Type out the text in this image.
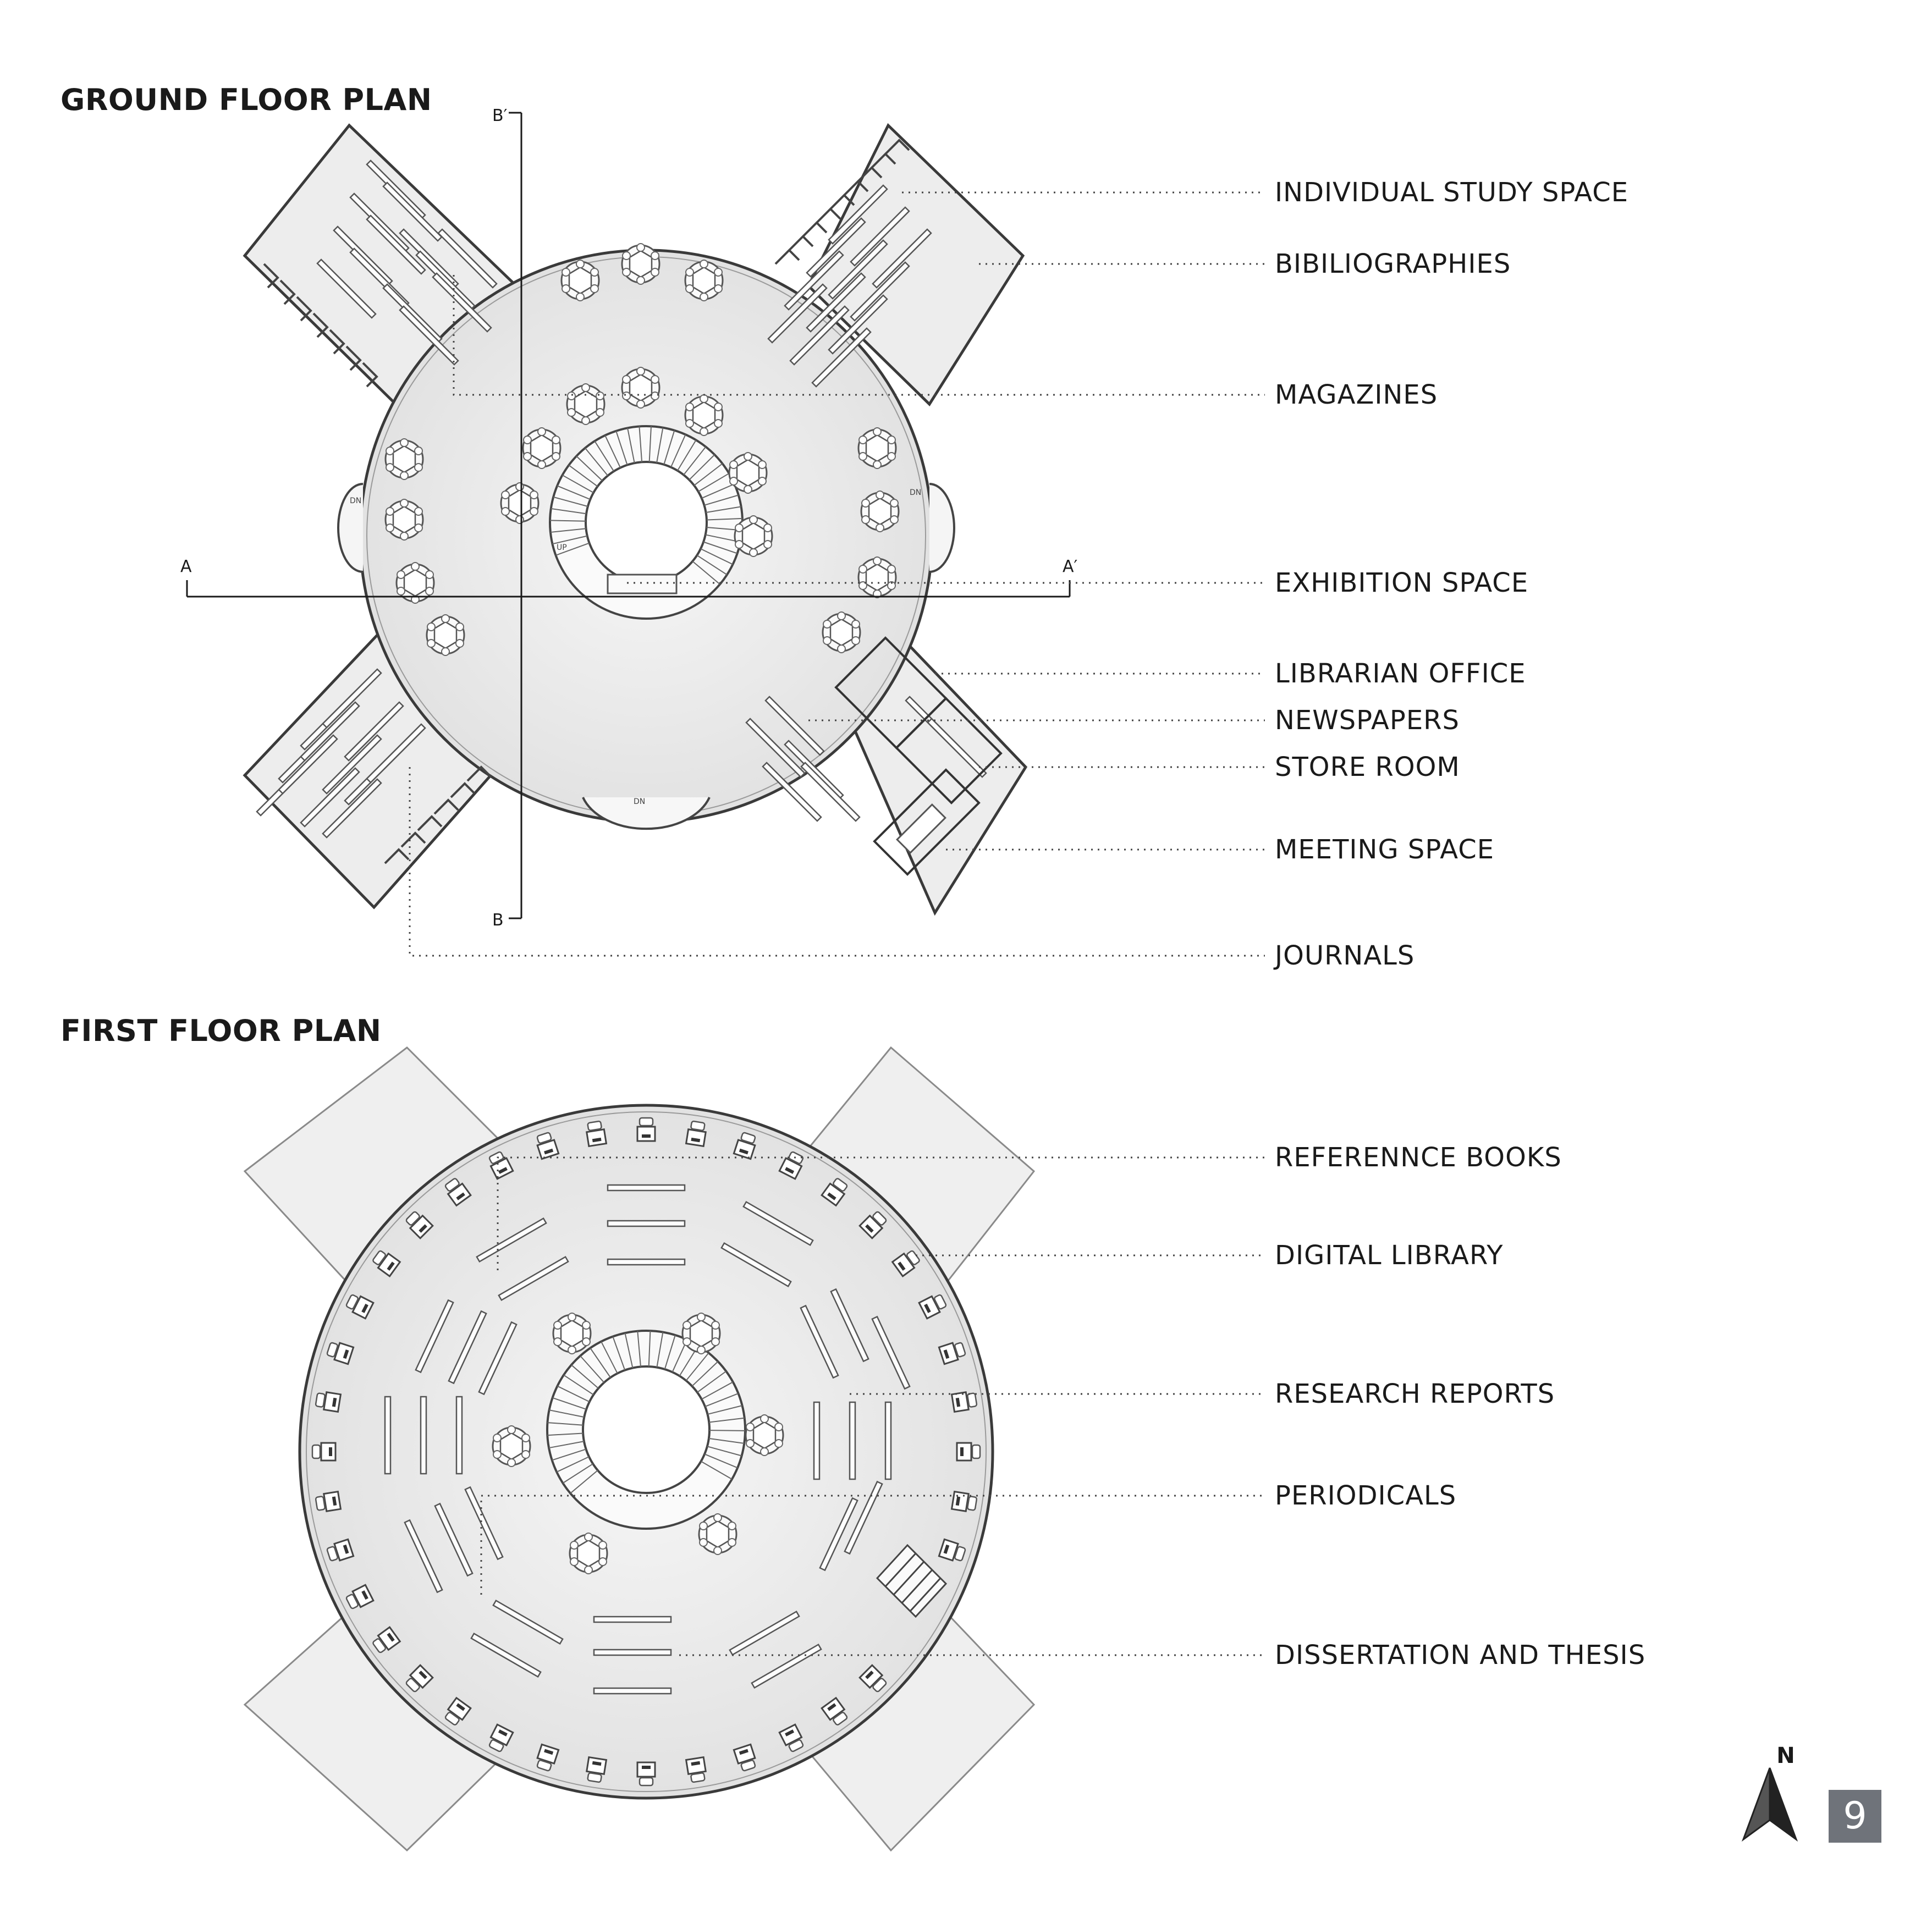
DN
DN
DN
UP
A	A′
B′
B
GROUND FLOOR PLAN
FIRST FLOOR PLAN
INDIVIDUAL STUDY SPACE
BIBILIOGRAPHIES
MAGAZINES
EXHIBITION SPACE
LIBRARIAN OFFICE
NEWSPAPERS
STORE ROOM
MEETING SPACE
JOURNALS
REFERENNCE BOOKS
DIGITAL LIBRARY
RESEARCH REPORTS
PERIODICALS
DISSERTATION AND THESIS
N
9
